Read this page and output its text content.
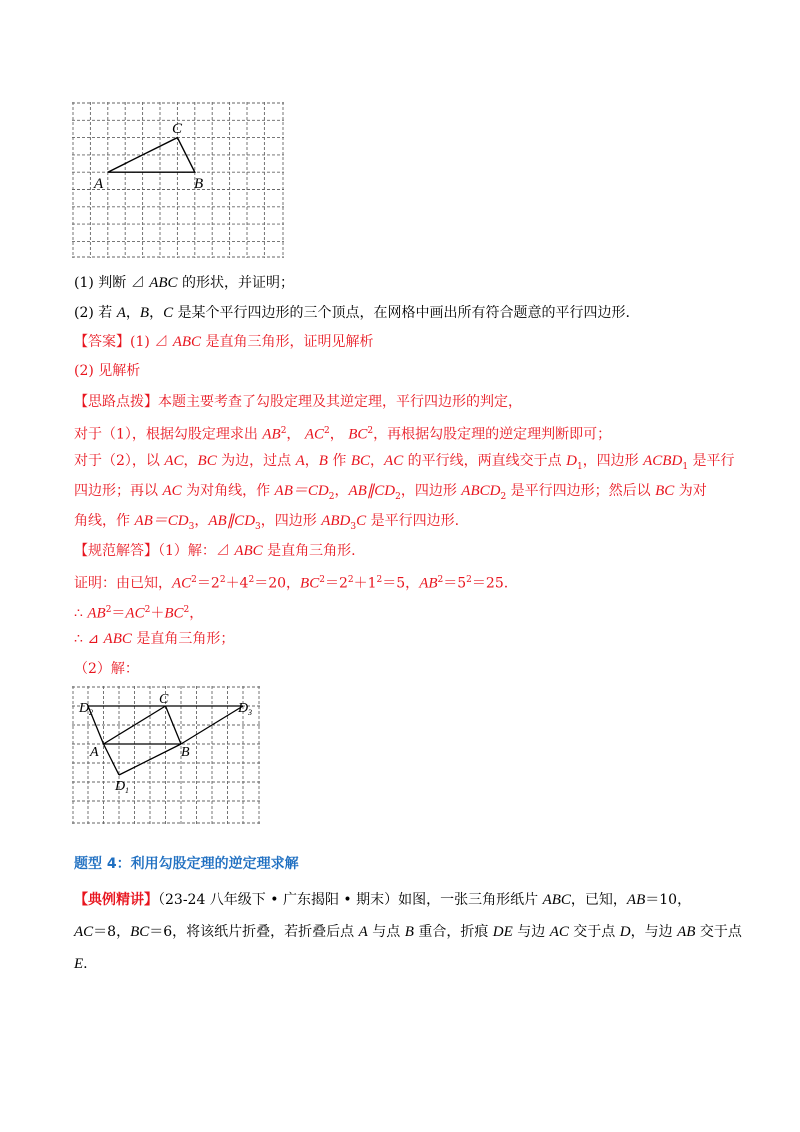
A	B
C
(1) 判断 ⊿ ABC 的形状，并证明；
(2) 若 A，B，C 是某个平行四边形的三个顶点，在网格中画出所有符合题意的平行四边形.
【答案】(1) ⊿ ABC 是直角三角形，证明见解析
(2) 见解析
【思路点拨】本题主要考查了勾股定理及其逆定理，平行四边形的判定，
对于（1），根据勾股定理求出 $AB^2$， $AC^2$， $BC^2$，再根据勾股定理的逆定理判断即可；
对于（2），以 AC，BC 为边，过点 A，B 作 BC，AC 的平行线，两直线交于点 $D_1$，四边形 $ACBD_1$ 是平行
四边形；再以 AC 为对角线，作 $AB=CD_2$，$AB\parallel CD_2$，四边形 $ABCD_2$ 是平行四边形；然后以 BC 为对
角线，作 $AB=CD_3$，$AB\parallel CD_3$，四边形 $ABD_3C$ 是平行四边形.
【规范解答】（1）解：⊿ ABC 是直角三角形.
证明：由已知，$AC^2=2^2+4^2=20$，$BC^2=2^2+1^2=5$，$AB^2=5^2=25$.
∴ $AB^2=AC^2+BC^2$，
∴ ⊿ ABC 是直角三角形；
（2）解：
A	B
C
D 2	D 3
D 1
题型 4：利用勾股定理的逆定理求解
【典例精讲】（23-24 八年级下 • 广东揭阳 • 期末）如图，一张三角形纸片 ABC，已知，AB＝10，
AC＝8，BC＝6，将该纸片折叠，若折叠后点 A 与点 B 重合，折痕 DE 与边 AC 交于点 D，与边 AB 交于点
E.
